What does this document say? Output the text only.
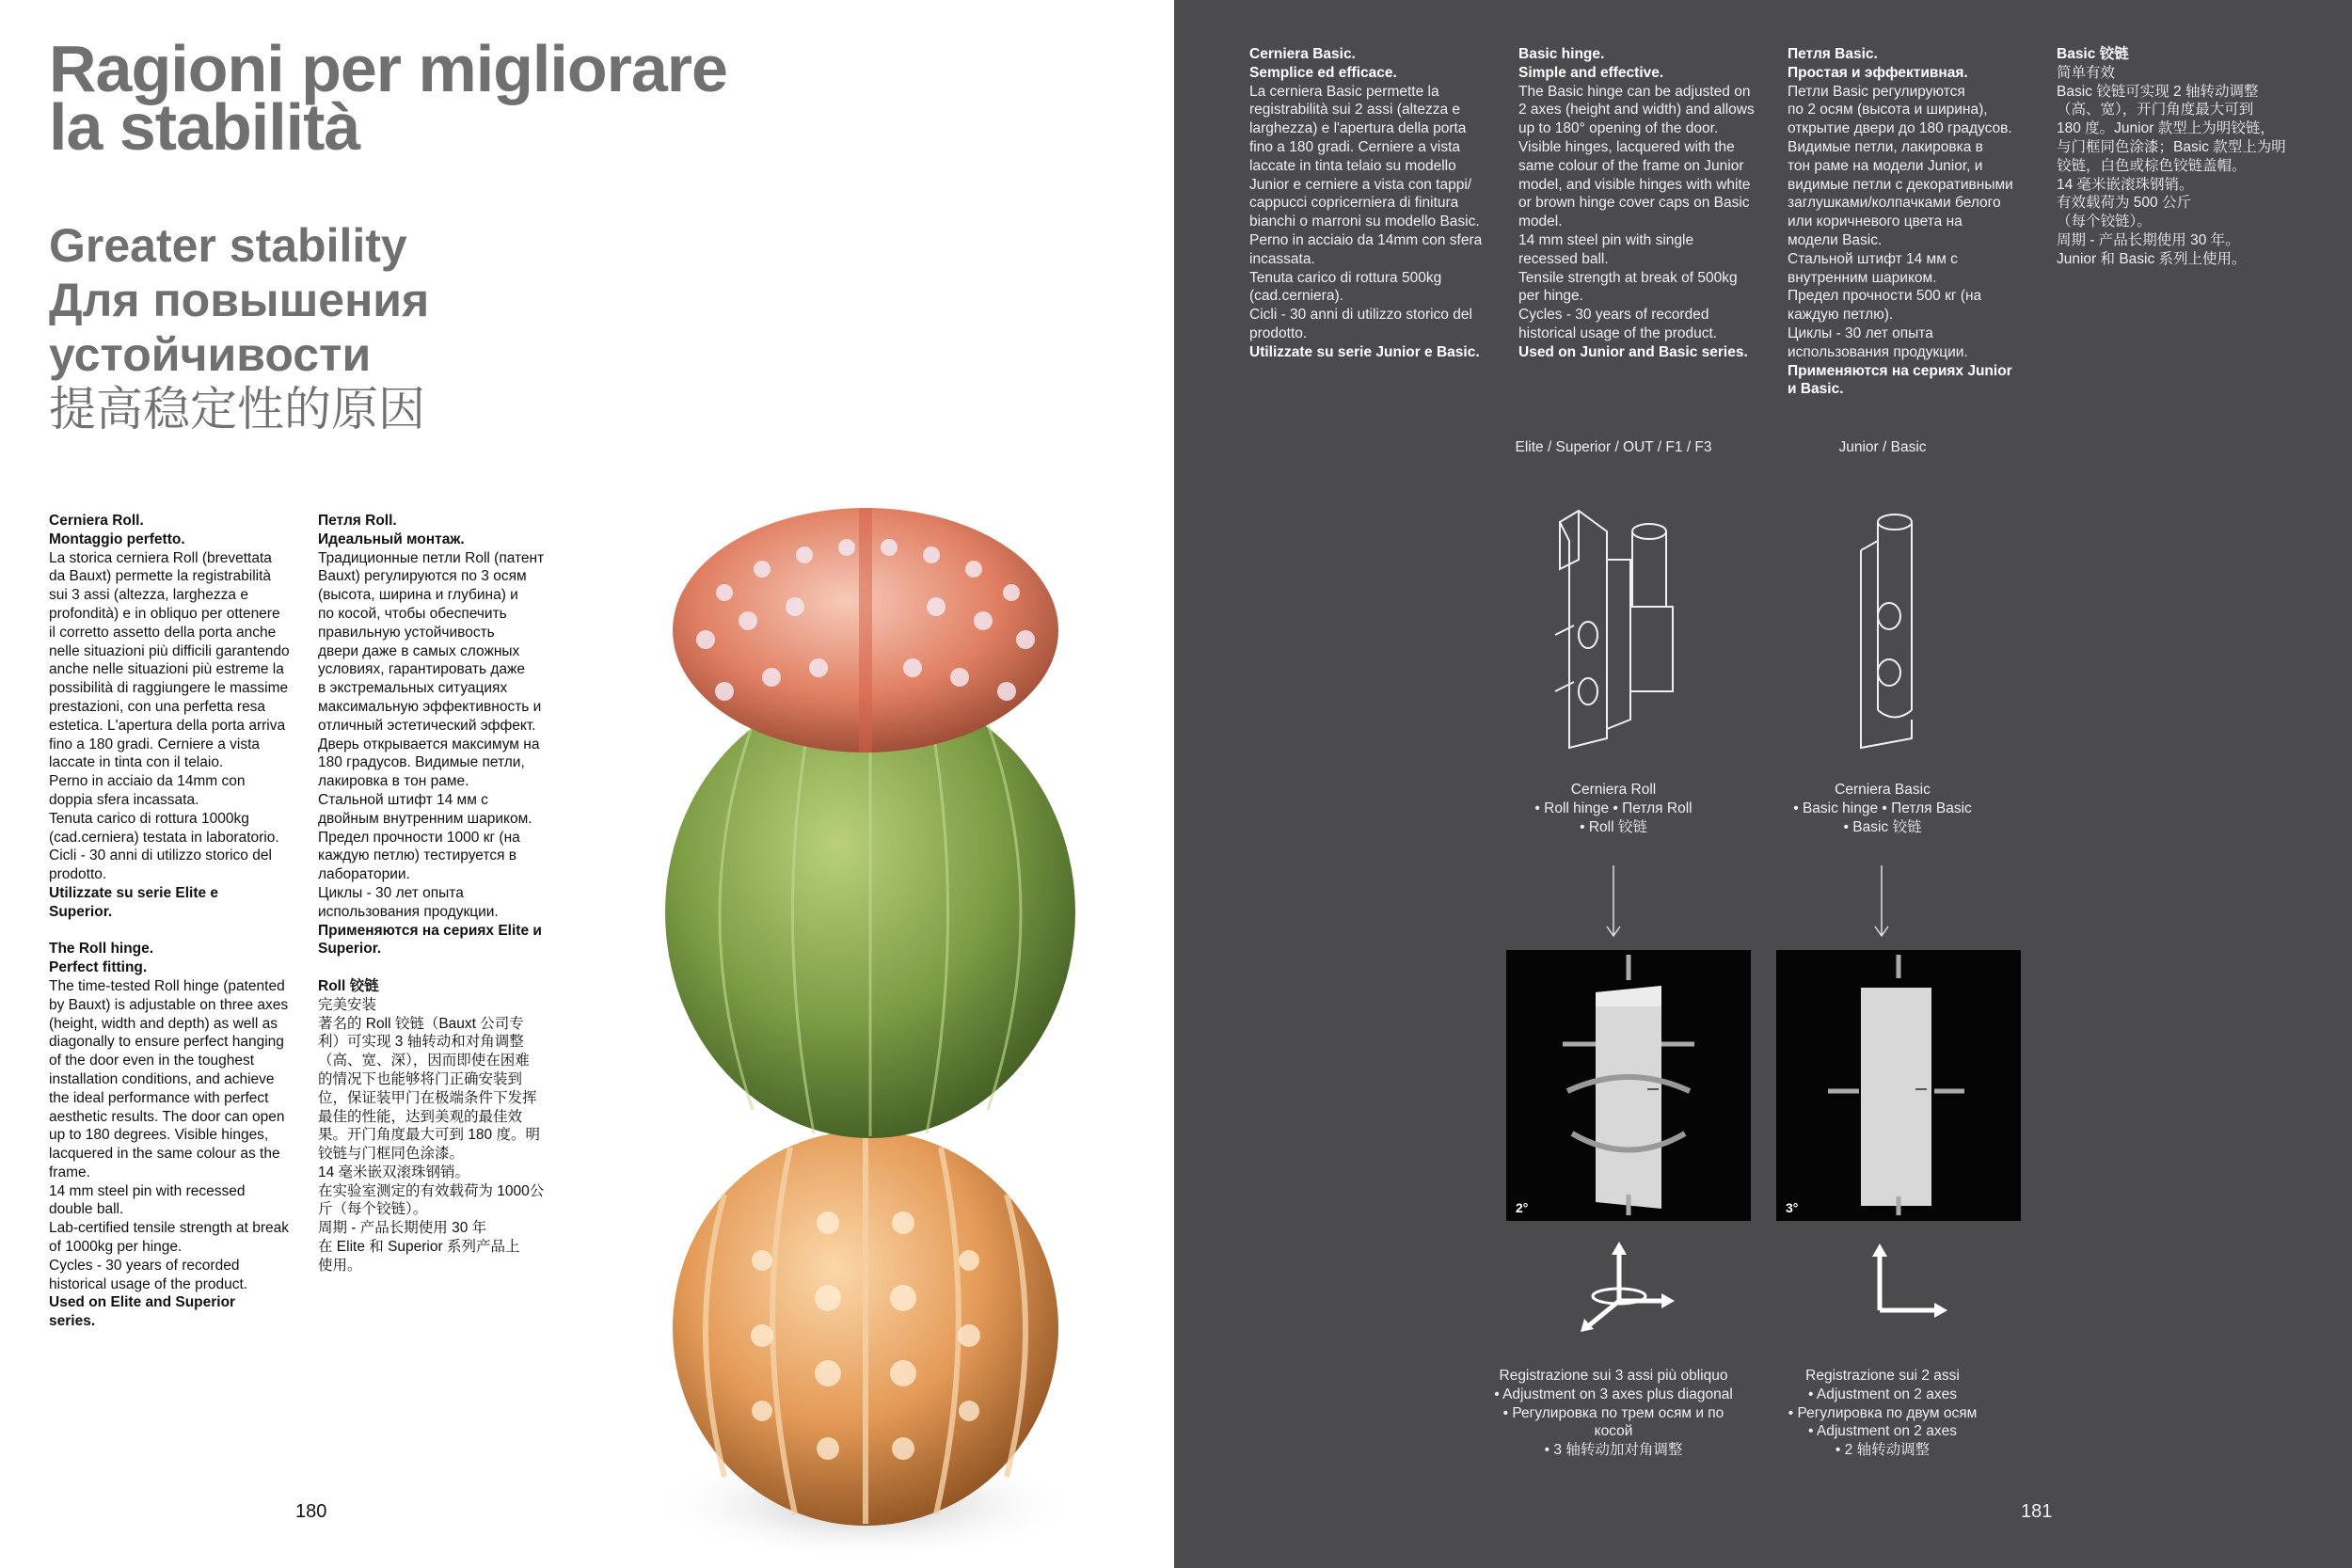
Ragioni per migliorare
la stabilità
Greater stability
Для повышения
устойчивости
提高稳定性的原因

Cerniera Roll.

Montaggio perfetto.

La storica cerniera Roll (brevettata

da Bauxt) permette la registrabilità

sui 3 assi (altezza, larghezza e

profondità) e in obliquo per ottenere

il corretto assetto della porta anche

nelle situazioni più difficili garantendo

anche nelle situazioni più estreme la

possibilità di raggiungere le massime

prestazioni, con una perfetta resa

estetica. L'apertura della porta arriva

fino a 180 gradi. Cerniere a vista

laccate in tinta con il telaio.

Perno in acciaio da 14mm con

doppia sfera incassata.

Tenuta carico di rottura 1000kg

(cad.cerniera) testata in laboratorio.

Cicli - 30 anni di utilizzo storico del

prodotto.

Utilizzate su serie Elite e

Superior.

The Roll hinge.

Perfect fitting.

The time-tested Roll hinge (patented

by Bauxt) is adjustable on three axes

(height, width and depth) as well as

diagonally to ensure perfect hanging

of the door even in the toughest

installation conditions, and achieve

the ideal performance with perfect

aesthetic results. The door can open

up to 180 degrees. Visible hinges,

lacquered in the same colour as the

frame.

14 mm steel pin with recessed

double ball.

Lab-certified tensile strength at break

of 1000kg per hinge.

Cycles - 30 years of recorded

historical usage of the product.

Used on Elite and Superior

series.

Петля Roll.

Идеальный монтаж.

Традиционные петли Roll (патент

Bauxt) регулируются по 3 осям

(высота, ширина и глубина) и

по косой, чтобы обеспечить

правильную устойчивость

двери даже в самых сложных

условиях, гарантировать даже

в экстремальных ситуациях

максимальную эффективность и

отличный эстетический эффект.

Дверь открывается максимум на

180 градусов. Видимые петли,

лакировка в тон раме.

Стальной штифт 14 мм с

двойным внутренним шариком.

Предел прочности 1000 кг (на

каждую петлю) тестируется в

лаборатории.

Циклы - 30 лет опыта

использования продукции.

Применяются на сериях Elite и

Superior.

Roll 铰链

完美安装

著名的 Roll 铰链（Bauxt 公司专

利）可实现 3 轴转动和对角调整

（高、宽、深），因而即使在困难

的情况下也能够将门正确安装到

位，保证装甲门在极端条件下发挥

最佳的性能，达到美观的最佳效

果。开门角度最大可到 180 度。明

铰链与门框同色涂漆。

14 毫米嵌双滚珠钢销。

在实验室测定的有效载荷为 1000公

斤（每个铰链）。

周期 - 产品长期使用 30 年

在 Elite 和 Superior 系列产品上

使用。

180

Cerniera Basic.

Semplice ed efficace.

La cerniera Basic permette la

registrabilità sui 2 assi (altezza e

larghezza) e l'apertura della porta

fino a 180 gradi. Cerniere a vista

laccate in tinta telaio su modello

Junior e cerniere a vista con tappi/

cappucci copricerniera di finitura

bianchi o marroni su modello Basic.

Perno in acciaio da 14mm con sfera

incassata.

Tenuta carico di rottura 500kg

(cad.cerniera).

Cicli - 30 anni di utilizzo storico del

prodotto.

Utilizzate su serie Junior e Basic.

Basic hinge.

Simple and effective.

The Basic hinge can be adjusted on

2 axes (height and width) and allows

up to 180° opening of the door.

Visible hinges, lacquered with the

same colour of the frame on Junior

model, and visible hinges with white

or brown hinge cover caps on Basic

model.

14 mm steel pin with single

recessed ball.

Tensile strength at break of 500kg

per hinge.

Cycles - 30 years of recorded

historical usage of the product.

Used on Junior and Basic series.

Петля Basic.

Простая и эффективная.

Петли Basic регулируются

по 2 осям (высота и ширина),

открытие двери до 180 градусов.

Видимые петли, лакировка в

тон раме на модели Junior, и

видимые петли с декоративными

заглушками/колпачками белого

или коричневого цвета на

модели Basic.

Стальной штифт 14 мм с

внутренним шариком.

Предел прочности 500 кг (на

каждую петлю).

Циклы - 30 лет опыта

использования продукции.

Применяются на сериях Junior

и Basic.

Basic 铰链

简单有效

Basic 铰链可实现 2 轴转动调整

（高、宽），开门角度最大可到

180 度。Junior 款型上为明铰链，

与门框同色涂漆；Basic 款型上为明

铰链，白色或棕色铰链盖帽。

14 毫米嵌滚珠钢销。

有效载荷为 500 公斤

（每个铰链）。

周期 - 产品长期使用 30 年。

Junior 和 Basic 系列上使用。

Elite / Superior / OUT / F1 / F3	Junior / Basic

Cerniera Roll

• Roll hinge • Петля Roll

• Roll 铰链

Cerniera Basic

• Basic hinge • Петля Basic

• Basic 铰链

2°	3°

Registrazione sui 3 assi più obliquo

• Adjustment on 3 axes plus diagonal

• Регулировка по трем осям и по

косой

• 3 轴转动加对角调整

Registrazione sui 2 assi

• Adjustment on 2 axes

• Регулировка по двум осям

• Adjustment on 2 axes

• 2 轴转动调整

181
